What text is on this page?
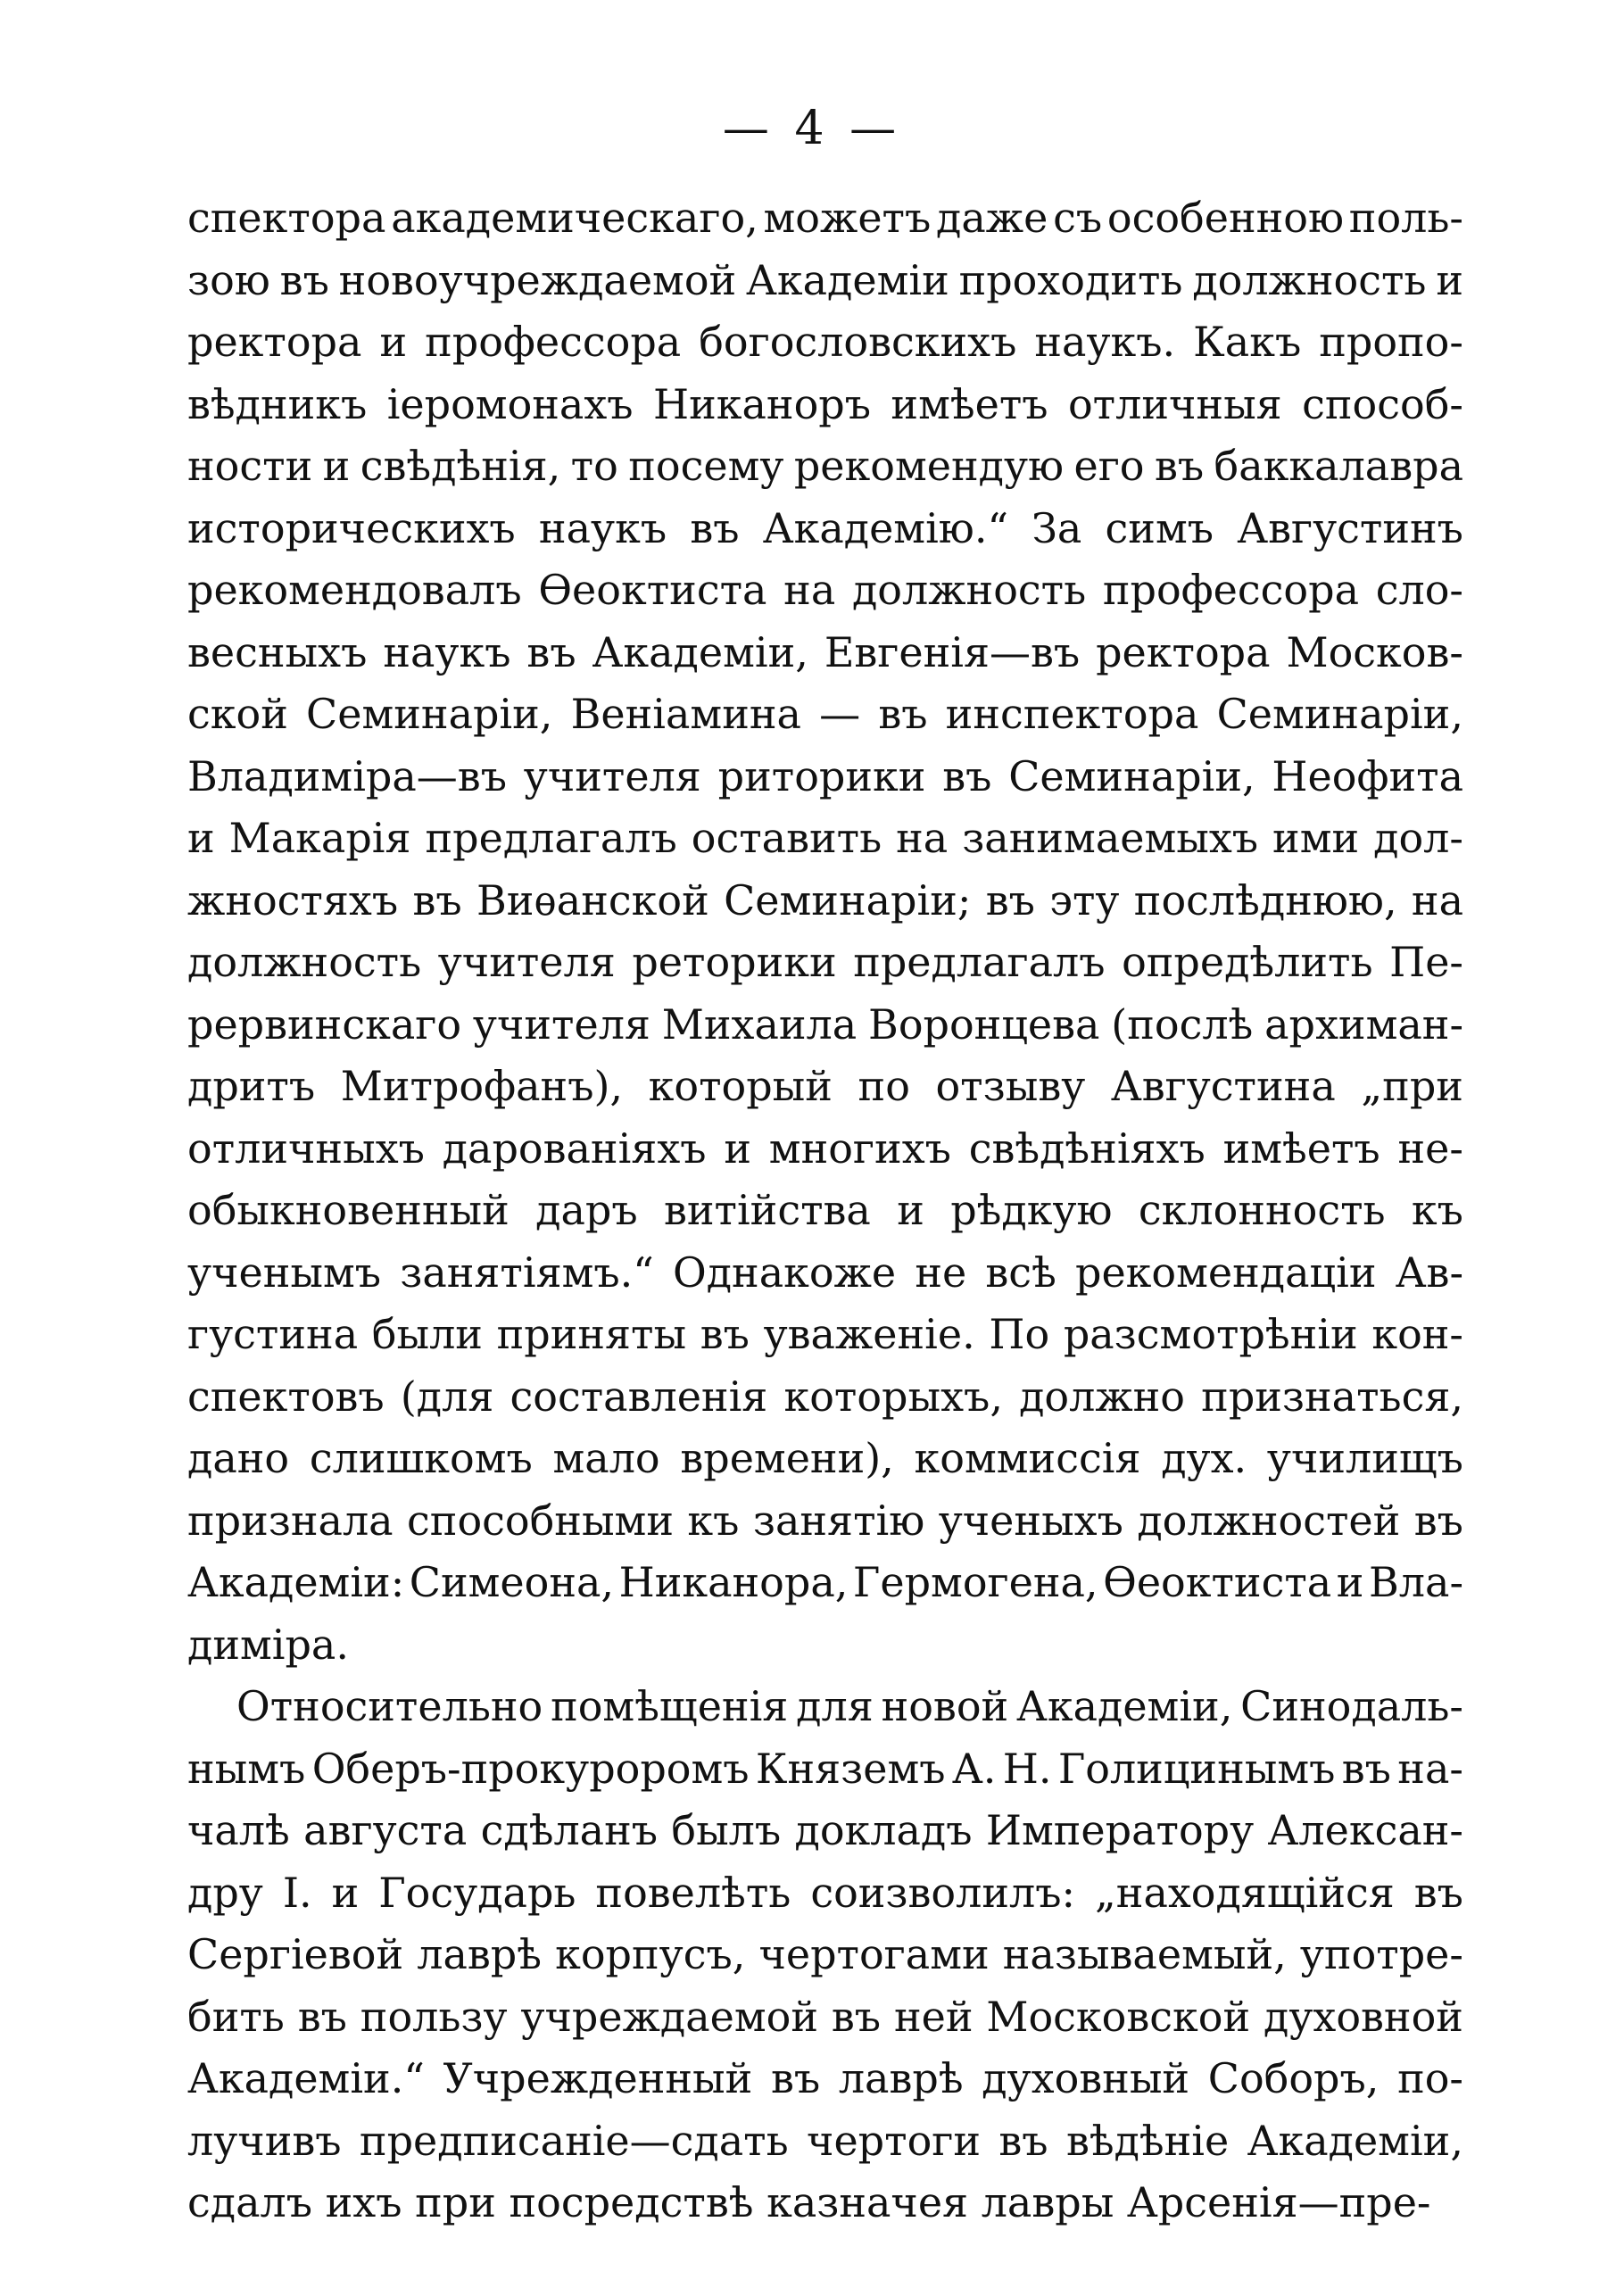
— 4 —
спектора академическаго, можетъ даже съ особенною поль-
зою въ новоучреждаемой Академіи проходить должность и
ректора и профессора богословскихъ наукъ. Какъ пропо-
вѣдникъ іеромонахъ Никаноръ имѣетъ отличныя способ-
ности и свѣдѣнія, то посему рекомендую его въ баккалавра
историческихъ наукъ въ Академію.“ За симъ Августинъ
рекомендовалъ Ѳеоктиста на должность профессора сло-
весныхъ наукъ въ Академіи, Евгенія—въ ректора Москов-
ской Семинаріи, Веніамина — въ инспектора Семинаріи,
Владиміра—въ учителя риторики въ Семинаріи, Неофита
и Макарія предлагалъ оставить на занимаемыхъ ими дол-
жностяхъ въ Виѳанской Семинаріи; въ эту послѣднюю, на
должность учителя реторики предлагалъ опредѣлить Пе-
рервинскаго учителя Михаила Воронцева (послѣ архиман-
дритъ Митрофанъ), который по отзыву Августина „при
отличныхъ дарованіяхъ и многихъ свѣдѣніяхъ имѣетъ не-
обыкновенный даръ витійства и рѣдкую склонность къ
ученымъ занятіямъ.“ Однакоже не всѣ рекомендаціи Ав-
густина были приняты въ уваженіе. По разсмотрѣніи кон-
спектовъ (для составленія которыхъ, должно признаться,
дано слишкомъ мало времени), коммиссія дух. училищъ
признала способными къ занятію ученыхъ должностей въ
Академіи: Симеона, Никанора, Гермогена, Ѳеоктиста и Вла-
диміра.
Относительно помѣщенія для новой Академіи, Синодаль-
нымъ Оберъ-прокуроромъ Княземъ А. Н. Голицинымъ въ на-
чалѣ августа сдѣланъ былъ докладъ Императору Алексан-
дру I. и Государь повелѣть соизволилъ: „находящійся въ
Сергіевой лаврѣ корпусъ, чертогами называемый, употре-
бить въ пользу учреждаемой въ ней Московской духовной
Академіи.“ Учрежденный въ лаврѣ духовный Соборъ, по-
лучивъ предписаніе—сдать чертоги въ вѣдѣніе Академіи,
сдалъ ихъ при посредствѣ казначея лавры Арсенія—пре-
